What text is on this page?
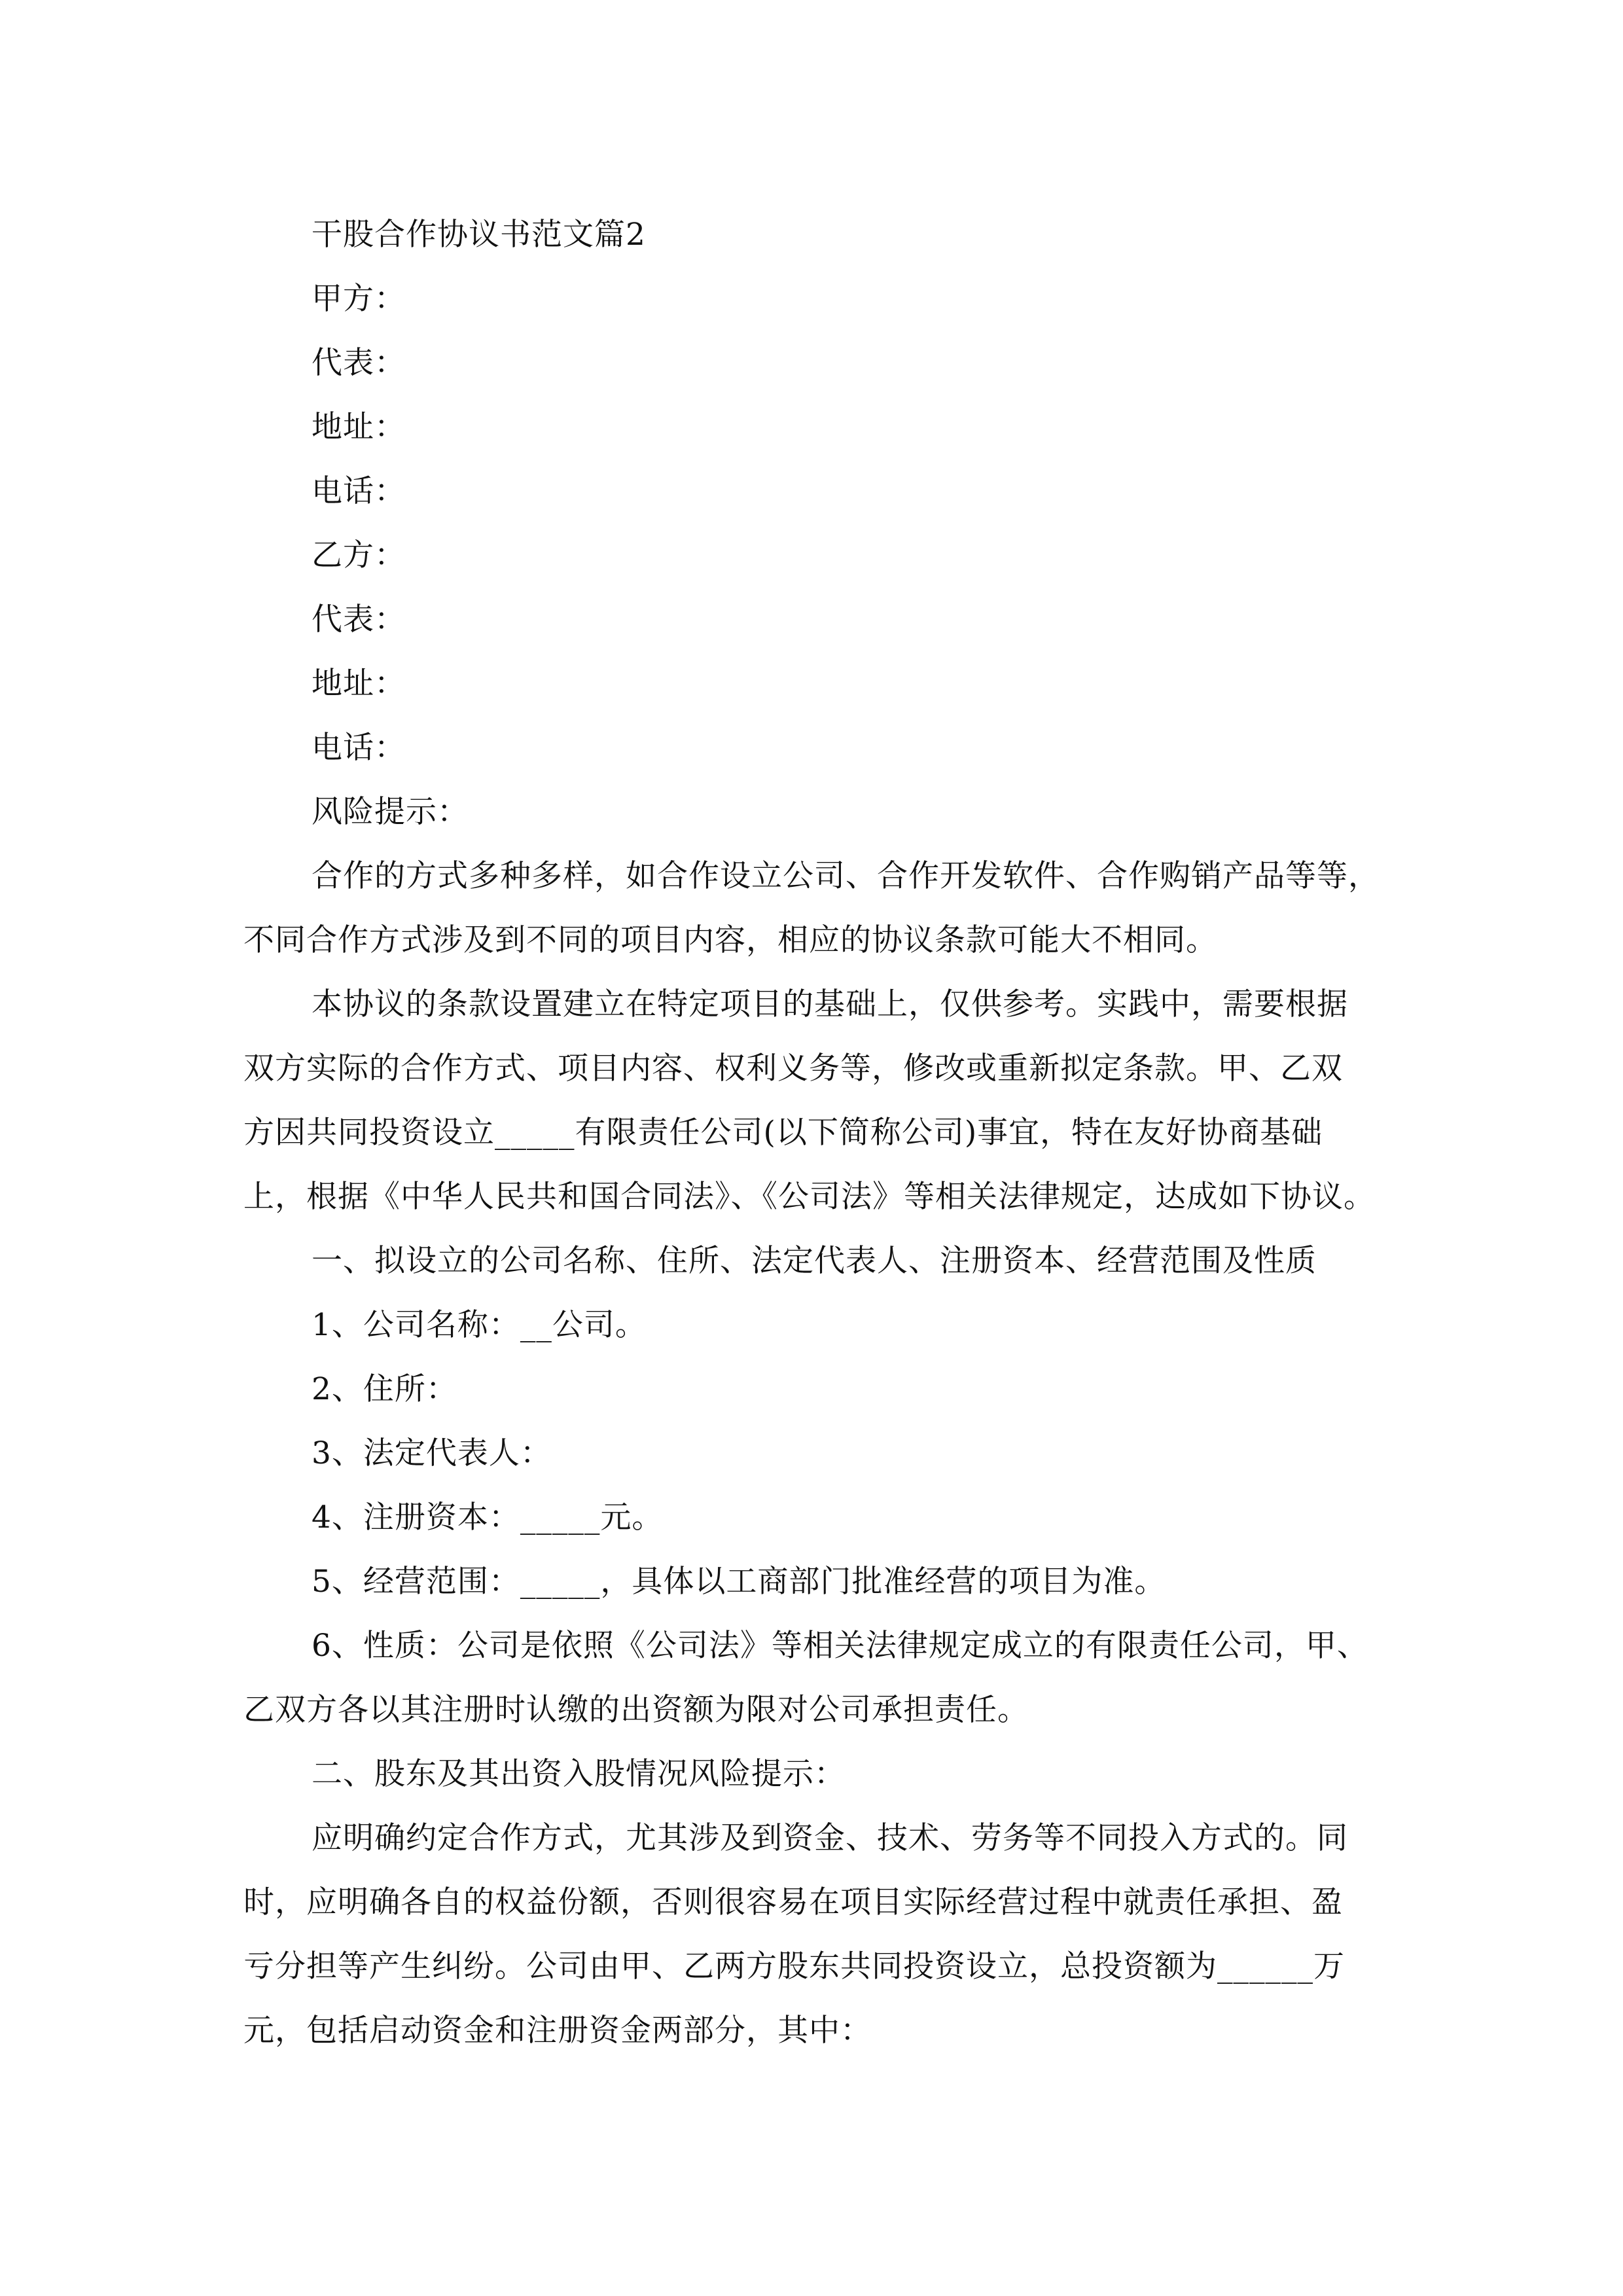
干股合作协议书范文篇2
甲方：
代表：
地址：
电话：
乙方：
代表：
地址：
电话：
风险提示：
合作的方式多种多样，如合作设立公司、合作开发软件、合作购销产品等等，
不同合作方式涉及到不同的项目内容，相应的协议条款可能大不相同。
本协议的条款设置建立在特定项目的基础上，仅供参考。实践中，需要根据
双方实际的合作方式、项目内容、权利义务等，修改或重新拟定条款。甲、乙双
方因共同投资设立_____有限责任公司(以下简称公司)事宜，特在友好协商基础
上，根据《中华人民共和国合同法》、《公司法》等相关法律规定，达成如下协议。
一、拟设立的公司名称、住所、法定代表人、注册资本、经营范围及性质
1、公司名称：__公司。
2、住所：
3、法定代表人：
4、注册资本：_____元。
5、经营范围：_____，具体以工商部门批准经营的项目为准。
6、性质：公司是依照《公司法》等相关法律规定成立的有限责任公司，甲、
乙双方各以其注册时认缴的出资额为限对公司承担责任。
二、股东及其出资入股情况风险提示：
应明确约定合作方式，尤其涉及到资金、技术、劳务等不同投入方式的。同
时，应明确各自的权益份额，否则很容易在项目实际经营过程中就责任承担、盈
亏分担等产生纠纷。公司由甲、乙两方股东共同投资设立，总投资额为______万
元，包括启动资金和注册资金两部分，其中：
